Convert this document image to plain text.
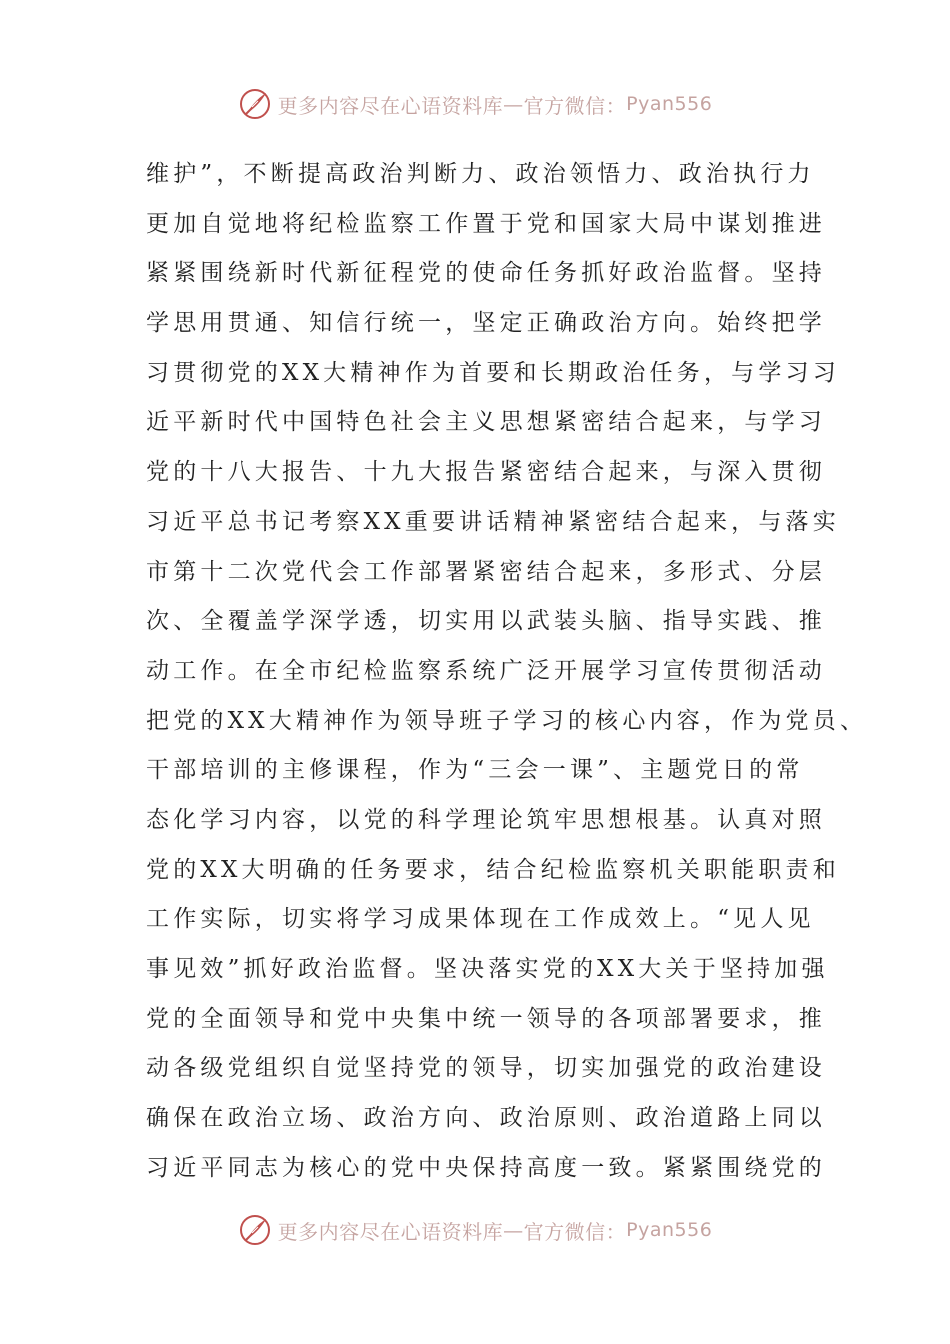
更多内容尽在心语资料库 — 官方微信： Pyan556
维护”，不断提高政治判断力、政治领悟力、政治执行力
更加自觉地将纪检监察工作置于党和国家大局中谋划推进
紧紧围绕新时代新征程党的使命任务抓好政治监督。坚持
学思用贯通、知信行统一，坚定正确政治方向。始终把学
习贯彻党的XX大精神作为首要和长期政治任务，与学习习
近平新时代中国特色社会主义思想紧密结合起来，与学习
党的十八大报告、十九大报告紧密结合起来，与深入贯彻
习近平总书记考察XX重要讲话精神紧密结合起来，与落实
市第十二次党代会工作部署紧密结合起来，多形式、分层
次、全覆盖学深学透，切实用以武装头脑、指导实践、推
动工作。在全市纪检监察系统广泛开展学习宣传贯彻活动
把党的XX大精神作为领导班子学习的核心内容，作为党员、
干部培训的主修课程，作为“三会一课”、主题党日的常
态化学习内容，以党的科学理论筑牢思想根基。认真对照
党的XX大明确的任务要求，结合纪检监察机关职能职责和
工作实际，切实将学习成果体现在工作成效上。“见人见
事见效”抓好政治监督。坚决落实党的XX大关于坚持加强
党的全面领导和党中央集中统一领导的各项部署要求，推
动各级党组织自觉坚持党的领导，切实加强党的政治建设
确保在政治立场、政治方向、政治原则、政治道路上同以
习近平同志为核心的党中央保持高度一致。紧紧围绕党的
更多内容尽在心语资料库 — 官方微信： Pyan556
